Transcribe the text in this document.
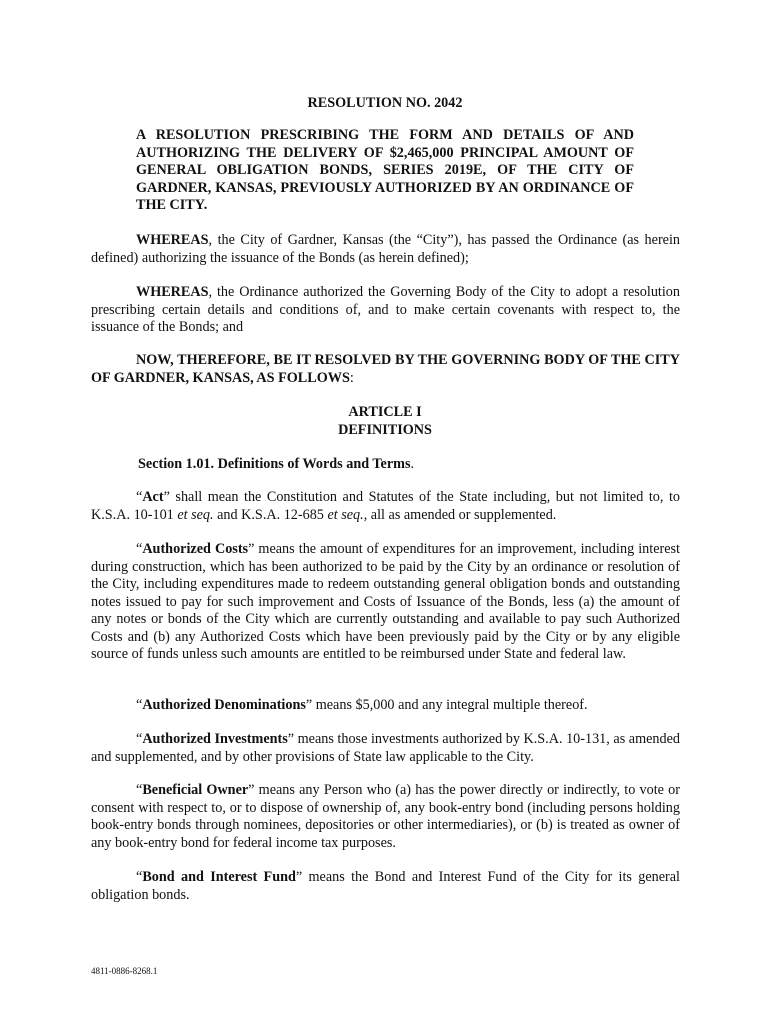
RESOLUTION NO. 2042

A RESOLUTION PRESCRIBING THE FORM AND DETAILS OF AND AUTHORIZING THE DELIVERY OF $2,465,000 PRINCIPAL AMOUNT OF GENERAL OBLIGATION BONDS, SERIES 2019E, OF THE CITY OF GARDNER, KANSAS, PREVIOUSLY AUTHORIZED BY AN ORDINANCE OF THE CITY.

WHEREAS, the City of Gardner, Kansas (the “City”), has passed the Ordinance (as herein defined) authorizing the issuance of the Bonds (as herein defined);

WHEREAS, the Ordinance authorized the Governing Body of the City to adopt a resolution prescribing certain details and conditions of, and to make certain covenants with respect to, the issuance of the Bonds; and

NOW, THEREFORE, BE IT RESOLVED BY THE GOVERNING BODY OF THE CITY OF GARDNER, KANSAS, AS FOLLOWS:

ARTICLE I
DEFINITIONS

Section 1.01. Definitions of Words and Terms.

“Act” shall mean the Constitution and Statutes of the State including, but not limited to, to K.S.A. 10-101 et seq. and K.S.A. 12-685 et seq., all as amended or supplemented.

“Authorized Costs” means the amount of expenditures for an improvement, including interest during construction, which has been authorized to be paid by the City by an ordinance or resolution of the City, including expenditures made to redeem outstanding general obligation bonds and outstanding notes issued to pay for such improvement and Costs of Issuance of the Bonds, less (a) the amount of any notes or bonds of the City which are currently outstanding and available to pay such Authorized Costs and (b) any Authorized Costs which have been previously paid by the City or by any eligible source of funds unless such amounts are entitled to be reimbursed under State and federal law.

“Authorized Denominations” means $5,000 and any integral multiple thereof.

“Authorized Investments” means those investments authorized by K.S.A. 10-131, as amended and supplemented, and by other provisions of State law applicable to the City.

“Beneficial Owner” means any Person who (a) has the power directly or indirectly, to vote or consent with respect to, or to dispose of ownership of, any book-entry bond (including persons holding book-entry bonds through nominees, depositories or other intermediaries), or (b) is treated as owner of any book-entry bond for federal income tax purposes.

“Bond and Interest Fund” means the Bond and Interest Fund of the City for its general obligation bonds.

4811-0886-8268.1
